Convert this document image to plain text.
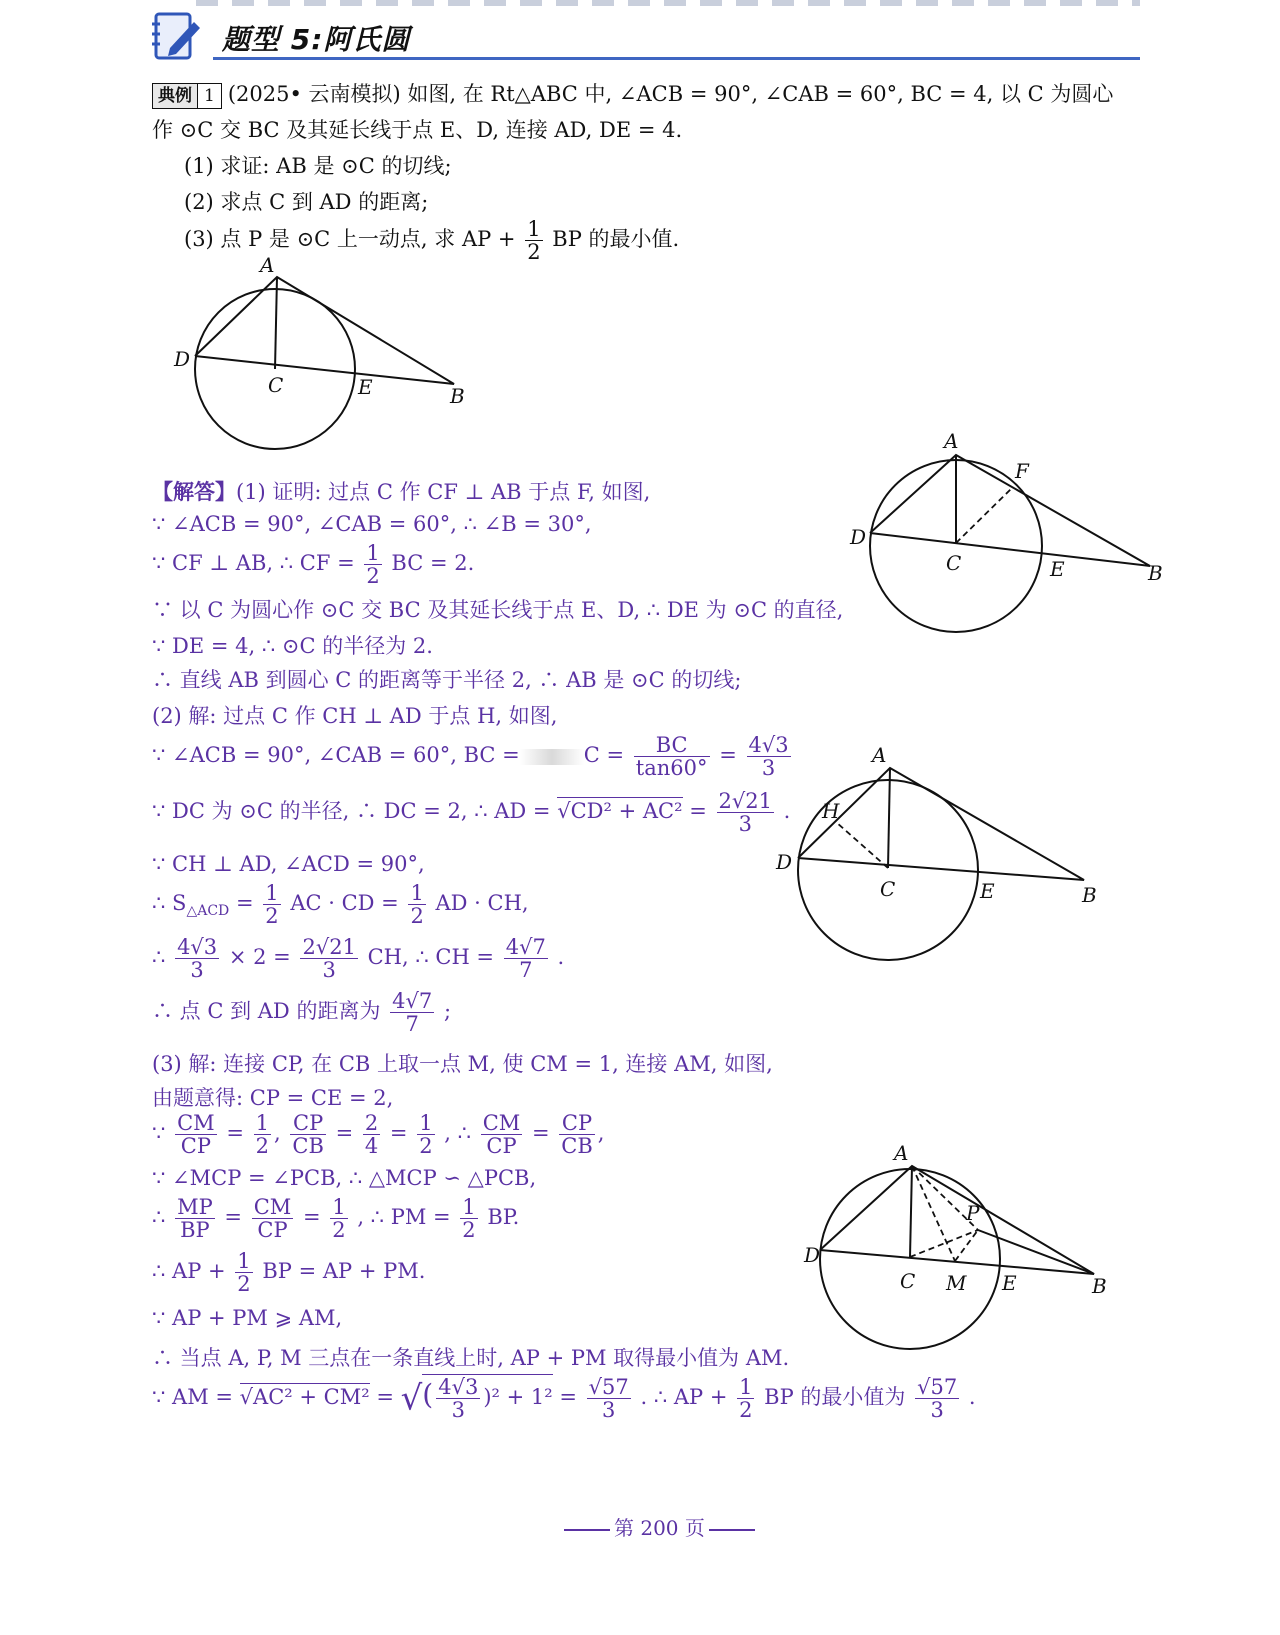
题型 5:阿氏圆
典例 1 (2025• 云南模拟) 如图, 在 Rt△ABC 中, ∠ACB = 90°, ∠CAB = 60°, BC = 4, 以 C 为圆心
作 ⊙C 交 BC 及其延长线于点 E、D, 连接 AD, DE = 4.
(1) 求证: AB 是 ⊙C 的切线;
(2) 求点 C 到 AD 的距离;
(3) 点 P 是 ⊙C 上一动点, 求 AP + $\frac{1}{2}$ BP 的最小值.
A
D
C	E	B
【解答】(1) 证明: 过点 C 作 CF ⊥ AB 于点 F, 如图,
∵ ∠ACB = 90°, ∠CAB = 60°, ∴ ∠B = 30°,
∵ CF ⊥ AB, ∴ CF = $\frac{1}{2}$ BC = 2.
∵ 以 C 为圆心作 ⊙C 交 BC 及其延长线于点 E、D, ∴ DE 为 ⊙C 的直径,
∵ DE = 4, ∴ ⊙C 的半径为 2.
∴ 直线 AB 到圆心 C 的距离等于半径 2, ∴ AB 是 ⊙C 的切线;
(2) 解: 过点 C 作 CH ⊥ AD 于点 H, 如图,
∵ ∠ACB = 90°, ∠CAB = 60°, BC =	$C = \frac{BC}{\tan 60^\circ} = \frac{4√3}{3}$
∵ DC 为 ⊙C 的半径, ∴ DC = 2, ∴ AD = $√CD^2 + AC^2 = \frac{2√21}{3}$ .
∵ CH ⊥ AD, ∠ACD = 90°,
∴ $S_{\triangle ACD} = \frac{1}{2}$ AC · CD = $\frac{1}{2}$ AD · CH,
∴ $\frac{4√3}{3} \times 2 = \frac{2√21}{3}$ CH, ∴ CH = $\frac{4√7}{7}$ .
∴ 点 C 到 AD 的距离为 $\frac{4√7}{7}$ ;
(3) 解: 连接 CP, 在 CB 上取一点 M, 使 CM = 1, 连接 AM, 如图,
由题意得: CP = CE = 2,
∵ $\frac{CM}{CP} = \frac{1}{2}$ , $\frac{CP}{CB} = \frac{2}{4} = \frac{1}{2}$ , ∴ $\frac{CM}{CP} = \frac{CP}{CB}$ ,
∵ ∠MCP = ∠PCB, ∴ △MCP ∽ △PCB,
∴ $\frac{MP}{BP} = \frac{CM}{CP} = \frac{1}{2}$ , ∴ PM = $\frac{1}{2}$ BP.
∴ AP + $\frac{1}{2}$ BP = AP + PM.
∵ AP + PM ⩾ AM,
∴ 当点 A, P, M 三点在一条直线上时, AP + PM 取得最小值为 AM.
∵ AM = √AC² + CM² = √( $\frac{4√3}{3} )^2 + 1^2 = \frac{√57}{3}$ . ∴ AP + $\frac{1}{2}$ BP 的最小值为 $\frac{√57}{3}$ .
A
F
D
C	E	B
A
H
D
C	E	B
A
P
D
C M E	B
第 200 页
